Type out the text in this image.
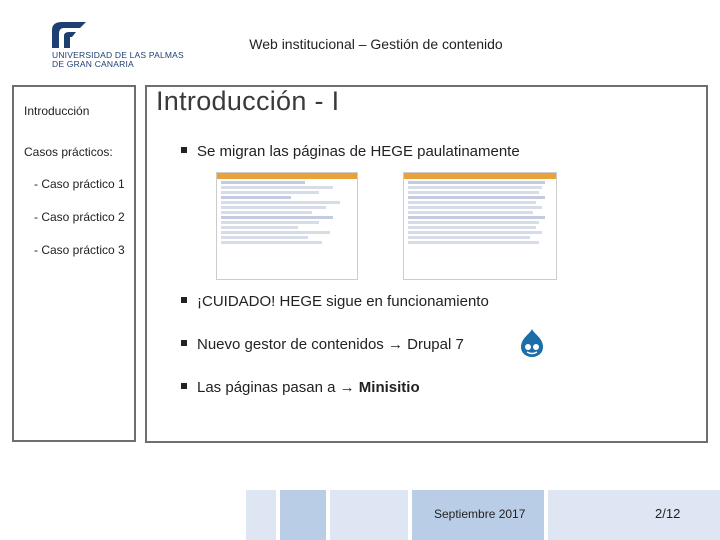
UNIVERSIDAD DE LAS PALMAS
DE GRAN CANARIA
Web institucional – Gestión de contenido
Introducción
Casos prácticos:
- Caso práctico 1
- Caso práctico 2
- Caso práctico 3
Introducción - I
Se migran las páginas de HEGE paulatinamente
¡CUIDADO! HEGE sigue en funcionamiento
Nuevo gestor de contenidos → Drupal 7
Las páginas pasan a → Minisitio
Septiembre 2017	2/12
